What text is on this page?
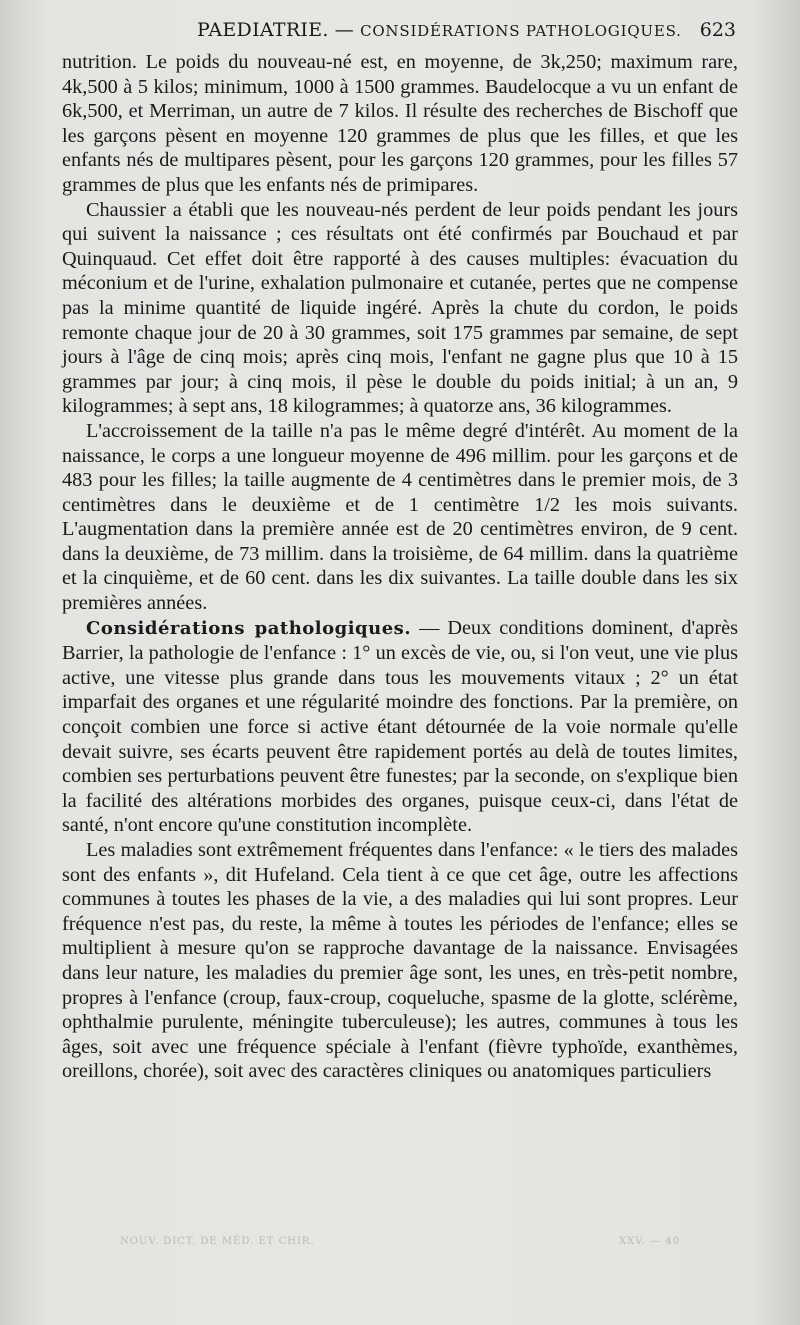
PAEDIATRIE. — CONSIDÉRATIONS PATHOLOGIQUES. 623

nutrition. Le poids du nouveau-né est, en moyenne, de 3k,250; maximum rare, 4k,500 à 5 kilos; minimum, 1000 à 1500 grammes. Baudelocque a vu un enfant de 6k,500, et Merriman, un autre de 7 kilos. Il résulte des recherches de Bischoff que les garçons pèsent en moyenne 120 grammes de plus que les filles, et que les enfants nés de multipares pèsent, pour les garçons 120 grammes, pour les filles 57 grammes de plus que les enfants nés de primipares.

Chaussier a établi que les nouveau-nés perdent de leur poids pendant les jours qui suivent la naissance ; ces résultats ont été confirmés par Bouchaud et par Quinquaud. Cet effet doit être rapporté à des causes multiples: évacuation du méconium et de l'urine, exhalation pulmonaire et cutanée, pertes que ne compense pas la minime quantité de liquide ingéré. Après la chute du cordon, le poids remonte chaque jour de 20 à 30 grammes, soit 175 grammes par semaine, de sept jours à l'âge de cinq mois; après cinq mois, l'enfant ne gagne plus que 10 à 15 grammes par jour; à cinq mois, il pèse le double du poids initial; à un an, 9 kilogrammes; à sept ans, 18 kilogrammes; à quatorze ans, 36 kilogrammes.

L'accroissement de la taille n'a pas le même degré d'intérêt. Au moment de la naissance, le corps a une longueur moyenne de 496 millim. pour les garçons et de 483 pour les filles; la taille augmente de 4 centimètres dans le premier mois, de 3 centimètres dans le deuxième et de 1 centimètre 1/2 les mois suivants. L'augmentation dans la première année est de 20 centimètres environ, de 9 cent. dans la deuxième, de 73 millim. dans la troisième, de 64 millim. dans la quatrième et la cinquième, et de 60 cent. dans les dix suivantes. La taille double dans les six premières années.

Considérations pathologiques. — Deux conditions dominent, d'après Barrier, la pathologie de l'enfance : 1° un excès de vie, ou, si l'on veut, une vie plus active, une vitesse plus grande dans tous les mouvements vitaux ; 2° un état imparfait des organes et une régularité moindre des fonctions. Par la première, on conçoit combien une force si active étant détournée de la voie normale qu'elle devait suivre, ses écarts peuvent être rapidement portés au delà de toutes limites, combien ses perturbations peuvent être funestes; par la seconde, on s'explique bien la facilité des altérations morbides des organes, puisque ceux-ci, dans l'état de santé, n'ont encore qu'une constitution incomplète.

Les maladies sont extrêmement fréquentes dans l'enfance: « le tiers des malades sont des enfants », dit Hufeland. Cela tient à ce que cet âge, outre les affections communes à toutes les phases de la vie, a des maladies qui lui sont propres. Leur fréquence n'est pas, du reste, la même à toutes les périodes de l'enfance; elles se multiplient à mesure qu'on se rapproche davantage de la naissance. Envisagées dans leur nature, les maladies du premier âge sont, les unes, en très-petit nombre, propres à l'enfance (croup, faux-croup, coqueluche, spasme de la glotte, sclérème, ophthalmie purulente, méningite tuberculeuse); les autres, communes à tous les âges, soit avec une fréquence spéciale à l'enfant (fièvre typhoïde, exanthèmes, oreillons, chorée), soit avec des caractères cliniques ou anatomiques particuliers

NOUV. DICT. DE MÉD. ET CHIR.	XXV. — 40
